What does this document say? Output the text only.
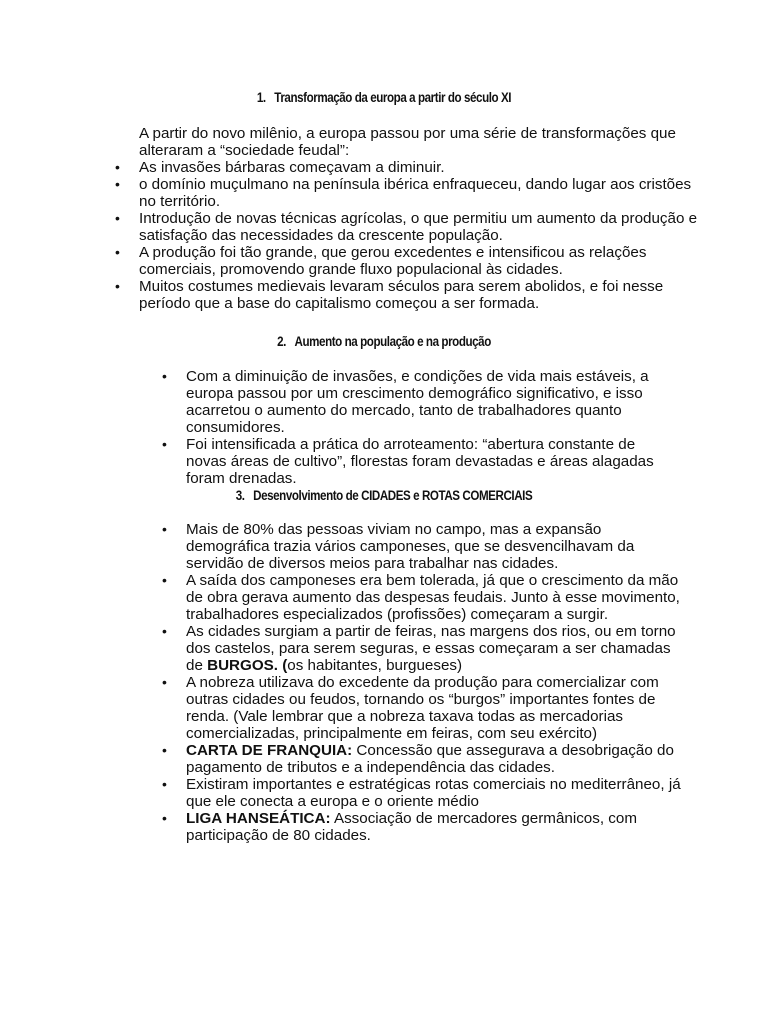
1. Transformação da europa a partir do século XI

A partir do novo milênio, a europa passou por uma série de transformações que alteraram a “sociedade feudal”:

• As invasões bárbaras começavam a diminuir.
• o domínio muçulmano na península ibérica enfraqueceu, dando lugar aos cristões no território.
• Introdução de novas técnicas agrícolas, o que permitiu um aumento da produção e satisfação das necessidades da crescente população.
• A produção foi tão grande, que gerou excedentes e intensificou as relações comerciais, promovendo grande fluxo populacional às cidades.
• Muitos costumes medievais levaram séculos para serem abolidos, e foi nesse período que a base do capitalismo começou a ser formada.
2. Aumento na população e na produção
• Com a diminuição de invasões, e condições de vida mais estáveis, a europa passou por um crescimento demográfico significativo, e isso acarretou o aumento do mercado, tanto de trabalhadores quanto consumidores.
• Foi intensificada a prática do arroteamento: “abertura constante de novas áreas de cultivo”, florestas foram devastadas e áreas alagadas foram drenadas.
3. Desenvolvimento de CIDADES e ROTAS COMERCIAIS
• Mais de 80% das pessoas viviam no campo, mas a expansão demográfica trazia vários camponeses, que se desvencilhavam da servidão de diversos meios para trabalhar nas cidades.
• A saída dos camponeses era bem tolerada, já que o crescimento da mão de obra gerava aumento das despesas feudais. Junto à esse movimento, trabalhadores especializados (profissões) começaram a surgir.
• As cidades surgiam a partir de feiras, nas margens dos rios, ou em torno dos castelos, para serem seguras, e essas começaram a ser chamadas de BURGOS. (os habitantes, burgueses)
• A nobreza utilizava do excedente da produção para comercializar com outras cidades ou feudos, tornando os “burgos” importantes fontes de renda. (Vale lembrar que a nobreza taxava todas as mercadorias comercializadas, principalmente em feiras, com seu exército)
• CARTA DE FRANQUIA: Concessão que assegurava a desobrigação do pagamento de tributos e a independência das cidades.
• Existiram importantes e estratégicas rotas comerciais no mediterrâneo, já que ele conecta a europa e o oriente médio
• LIGA HANSEÁTICA: Associação de mercadores germânicos, com participação de 80 cidades.
